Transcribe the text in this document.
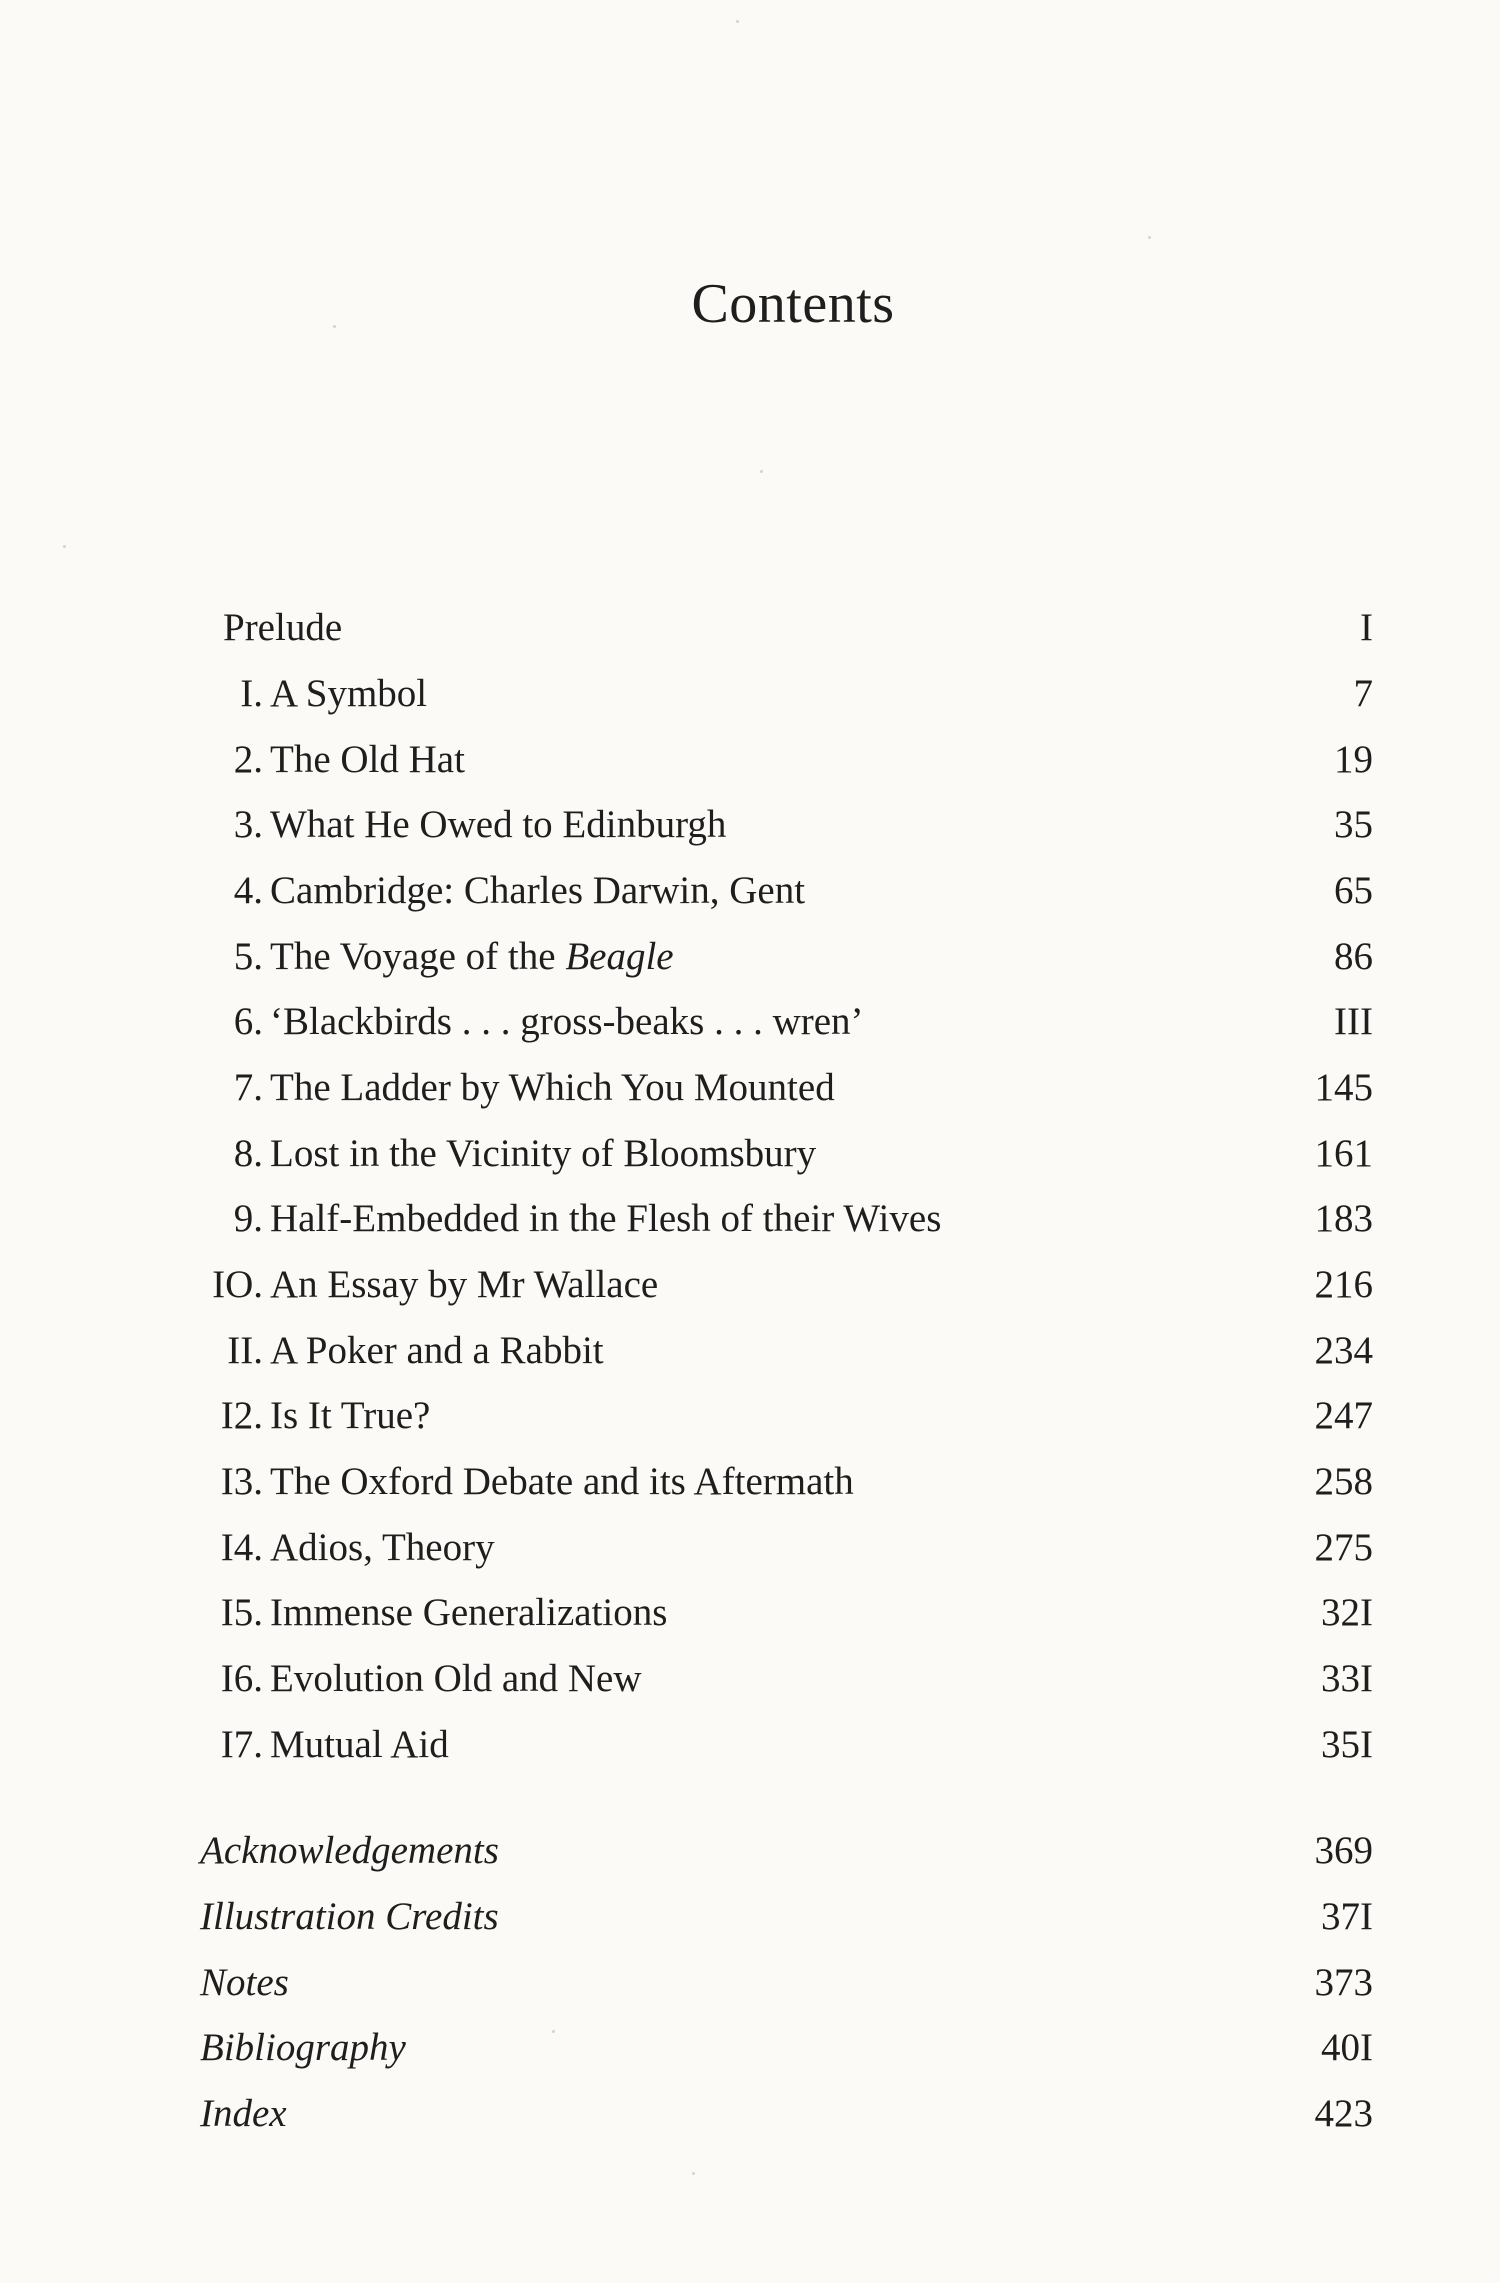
Contents
Prelude	I
I. A Symbol	7
2. The Old Hat	19
3. What He Owed to Edinburgh	35
4. Cambridge: Charles Darwin, Gent	65
5. The Voyage of the Beagle	86
6. ‘Blackbirds . . . gross-beaks . . . wren’	III
7. The Ladder by Which You Mounted	145
8. Lost in the Vicinity of Bloomsbury	161
9. Half-Embedded in the Flesh of their Wives	183
IO. An Essay by Mr Wallace	216
II. A Poker and a Rabbit	234
I2. Is It True?	247
I3. The Oxford Debate and its Aftermath	258
I4. Adios, Theory	275
I5. Immense Generalizations	32I
I6. Evolution Old and New	33I
I7. Mutual Aid	35I
Acknowledgements	369
Illustration Credits	37I
Notes	373
Bibliography	40I
Index	423
